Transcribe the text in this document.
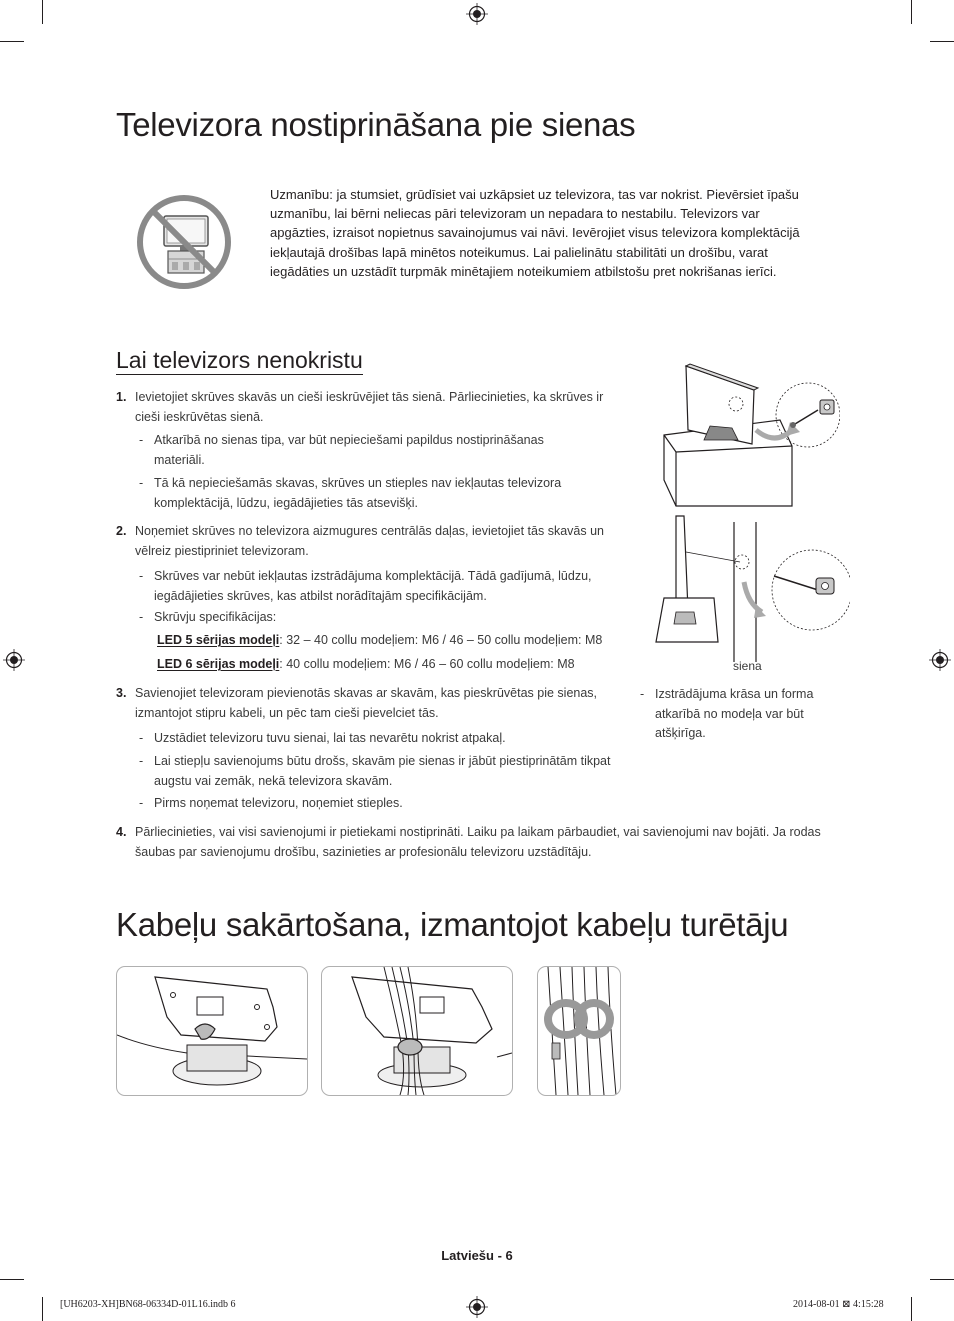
Televizora nostiprināšana pie sienas
Uzmanību: ja stumsiet, grūdīsiet vai uzkāpsiet uz televizora, tas var nokrist. Pievērsiet īpašu uzmanību, lai bērni neliecas pāri televizoram un nepadara to nestabilu. Televizors var apgāzties, izraisot nopietnus savainojumus vai nāvi. Ievērojiet visus televizora komplektācijā iekļautajā drošības lapā minētos noteikumus. Lai palielinātu stabilitāti un drošību, varat iegādāties un uzstādīt turpmāk minētajiem noteikumiem atbilstošu pret nokrišanas ierīci.
Lai televizors nenokristu
1. Ievietojiet skrūves skavās un cieši ieskrūvējiet tās sienā. Pārliecinieties, ka skrūves ir cieši ieskrūvētas sienā.
- Atkarībā no sienas tipa, var būt nepieciešami papildus nostiprināšanas materiāli.
- Tā kā nepieciešamās skavas, skrūves un stieples nav iekļautas televizora komplektācijā, lūdzu, iegādājieties tās atsevišķi.
2. Noņemiet skrūves no televizora aizmugures centrālās daļas, ievietojiet tās skavās un vēlreiz piestipriniet televizoram.
- Skrūves var nebūt iekļautas izstrādājuma komplektācijā. Tādā gadījumā, lūdzu, iegādājieties skrūves, kas atbilst norādītajām specifikācijām.
- Skrūvju specifikācijas:
LED 5 sērijas modeļi: 32 – 40 collu modeļiem: M6 / 46 – 50 collu modeļiem: M8
LED 6 sērijas modeļi: 40 collu modeļiem: M6 / 46 – 60 collu modeļiem: M8
3. Savienojiet televizoram pievienotās skavas ar skavām, kas pieskrūvētas pie sienas, izmantojot stipru kabeli, un pēc tam cieši pievelciet tās.
- Uzstādiet televizoru tuvu sienai, lai tas nevarētu nokrist atpakaļ.
- Lai stiepļu savienojums būtu drošs, skavām pie sienas ir jābūt piestiprinātām tikpat augstu vai zemāk, nekā televizora skavām.
- Pirms noņemat televizoru, noņemiet stieples.
4. Pārliecinieties, vai visi savienojumi ir pietiekami nostiprināti. Laiku pa laikam pārbaudiet, vai savienojumi nav bojāti. Ja rodas šaubas par savienojumu drošību, sazinieties ar profesionālu televizoru uzstādītāju.
siena
- Izstrādājuma krāsa un forma atkarībā no modeļa var būt atšķirīga.
Kabeļu sakārtošana, izmantojot kabeļu turētāju
Latviešu - 6
[UH6203-XH]BN68-06334D-01L16.indb 6	2014-08-01 ⊠ 4:15:28
